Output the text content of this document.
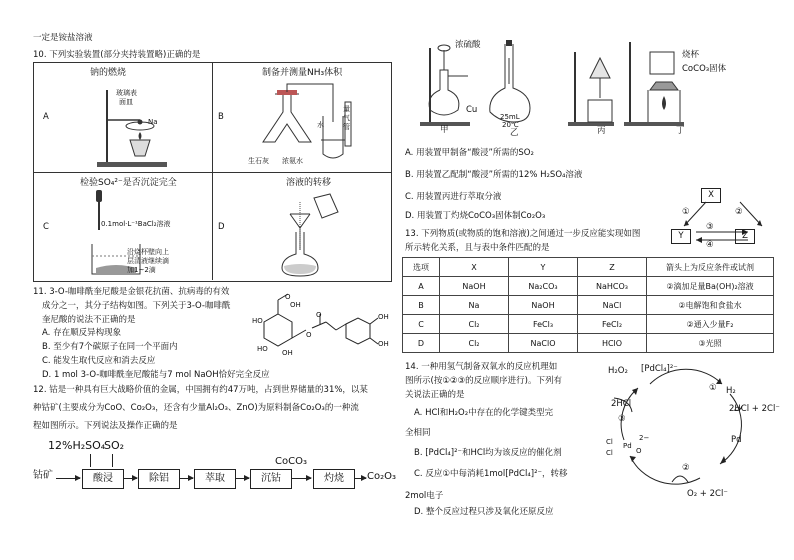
一定是铵盐溶液
10. 下列实验装置(部分夹持装置略)正确的是
钠的燃烧
A
玻璃表
面皿
Na
制备并测量NH₃体积
B
量
气
管
水
生石灰 浓氨水
检验SO₄²⁻是否沉淀完全
C	0.1mol·L⁻¹BaCl₂溶液
沿烧杯壁向上
层清液继续滴
加1~2滴
溶液的转移
D
11. 3-O-咖啡酰奎尼酸是金银花抗菌、抗病毒的有效
成分之一，其分子结构如图。下列关于3-O-咖啡酰
奎尼酸的说法不正确的是
A. 存在顺反异构现象
B. 至少有7个碳原子在同一个平面内
C. 能发生取代反应和消去反应
D. 1 mol 3-O-咖啡酰奎尼酸能与7 mol NaOH恰好完全反应
O
OH
HO
HO
O
O
OH
OH
OH
12. 钴是一种具有巨大战略价值的金属，中国拥有约47万吨，占到世界储量的31%，以某
种钴矿(主要成分为CoO、Co₂O₃，还含有少量Al₂O₃、ZnO)为原料制备Co₂O₃的一种流
程如图所示。下列说法及操作正确的是
12%H₂SO₄
SO₂
钴矿	酸浸	除铝	萃取	沉钴
CoCO₃
灼烧	Co₂O₃
浓硫酸
Cu
甲
25mL
20℃
乙	丙	丁
烧杯
CoCO₃固体
A. 用装置甲制备“酸浸”所需的SO₂
B. 用装置乙配制“酸浸”所需的12% H₂SO₄溶液
C. 用装置丙进行萃取分液
D. 用装置丁灼烧CoCO₃固体制Co₂O₃
13. 下列物质(或物质的饱和溶液)之间通过一步反应能实现如图
所示转化关系，且与表中条件匹配的是
X
Y	Z
①	②
③
④
选项	X	Y	Z	箭头上为反应条件或试剂
A	NaOH	Na₂CO₃	NaHCO₃	②滴加足量Ba(OH)₂溶液
B	Na	NaOH	NaCl	②电解饱和食盐水
C	Cl₂	FeCl₃	FeCl₂	②通入少量F₂
D	Cl₂	NaClO	HClO	③光照
14. 一种用氢气制备双氧水的反应机理如
图所示(按①②③的反应顺序进行)。下列有
关说法正确的是
A. HCl和H₂O₂中存在的化学键类型完
全相同
B. [PdCl₄]²⁻和HCl均为该反应的催化剂
C. 反应①中每消耗1mol[PdCl₄]²⁻，转移
2mol电子
D. 整个反应过程只涉及氧化还原反应
H₂O₂ [PdCl₄]²⁻
H₂
2HCl	2HCl + 2Cl⁻
Pd
Cl
Cl
Pd
2−
O
O₂ + 2Cl⁻
①
②
③
